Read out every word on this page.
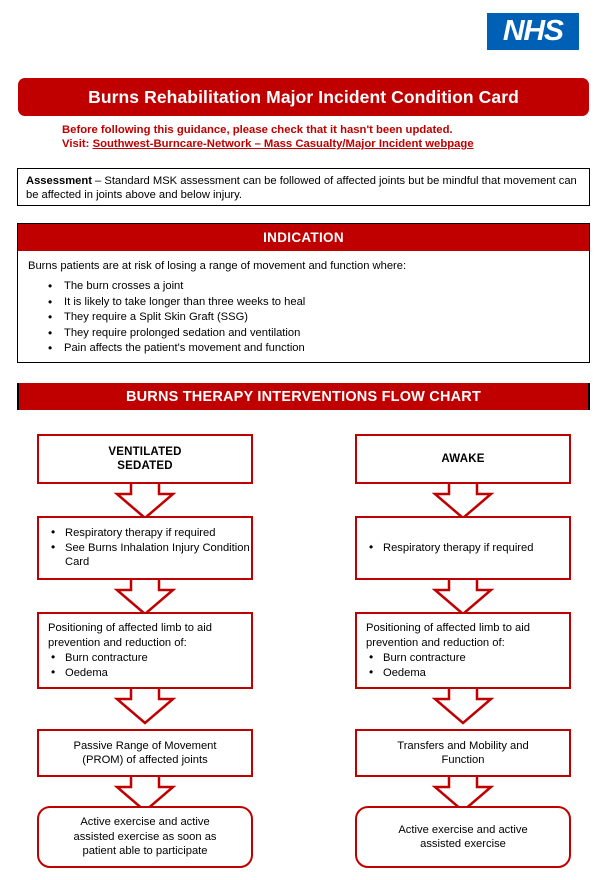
NHS
Burns Rehabilitation Major Incident Condition Card
Before following this guidance, please check that it hasn't been updated.
Visit: Southwest-Burncare-Network – Mass Casualty/Major Incident webpage
Assessment – Standard MSK assessment can be followed of affected joints but be mindful that movement can be affected in joints above and below injury.
INDICATION
Burns patients are at risk of losing a range of movement and function where:
• The burn crosses a joint
• It is likely to take longer than three weeks to heal
• They require a Split Skin Graft (SSG)
• They require prolonged sedation and ventilation
• Pain affects the patient's movement and function
BURNS THERAPY INTERVENTIONS FLOW CHART
VENTILATED
SEDATED
• Respiratory therapy if required
• See Burns Inhalation Injury Condition Card
Positioning of affected limb to aid
prevention and reduction of:
• Burn contracture
• Oedema
Passive Range of Movement
(PROM) of affected joints
Active exercise and active
assisted exercise as soon as
patient able to participate
AWAKE
• Respiratory therapy if required
Positioning of affected limb to aid
prevention and reduction of:
• Burn contracture
• Oedema
Transfers and Mobility and
Function
Active exercise and active
assisted exercise
